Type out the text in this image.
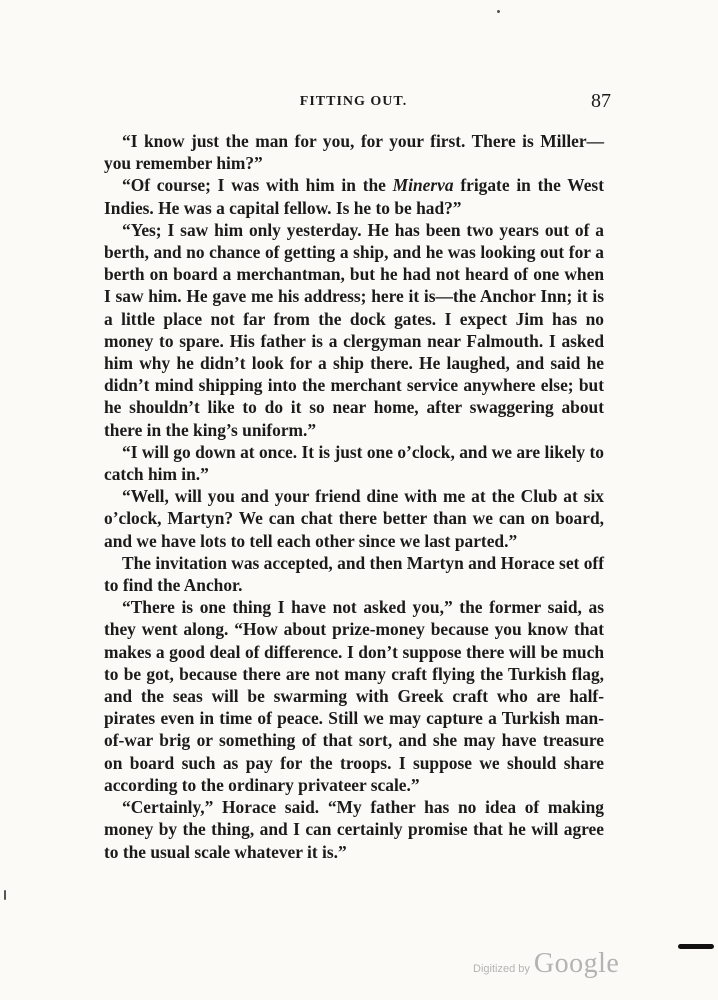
FITTING OUT.	87

“I know just the man for you, for your first. There is Miller—you remember him?”

“Of course; I was with him in the Minerva frigate in the West Indies. He was a capital fellow. Is he to be had?”

“Yes; I saw him only yesterday. He has been two years out of a berth, and no chance of getting a ship, and he was looking out for a berth on board a merchantman, but he had not heard of one when I saw him. He gave me his address; here it is—the Anchor Inn; it is a little place not far from the dock gates. I expect Jim has no money to spare. His father is a clergyman near Falmouth. I asked him why he didn’t look for a ship there. He laughed, and said he didn’t mind shipping into the merchant service anywhere else; but he shouldn’t like to do it so near home, after swaggering about there in the king’s uniform.”

“I will go down at once. It is just one o’clock, and we are likely to catch him in.”

“Well, will you and your friend dine with me at the Club at six o’clock, Martyn? We can chat there better than we can on board, and we have lots to tell each other since we last parted.”

The invitation was accepted, and then Martyn and Horace set off to find the Anchor.

“There is one thing I have not asked you,” the former said, as they went along. “How about prize-money because you know that makes a good deal of difference. I don’t suppose there will be much to be got, because there are not many craft flying the Turkish flag, and the seas will be swarming with Greek craft who are half-pirates even in time of peace. Still we may capture a Turkish man-of-war brig or something of that sort, and she may have treasure on board such as pay for the troops. I suppose we should share according to the ordinary privateer scale.”

“Certainly,” Horace said. “My father has no idea of making money by the thing, and I can certainly promise that he will agree to the usual scale whatever it is.”

Digitized by Google
